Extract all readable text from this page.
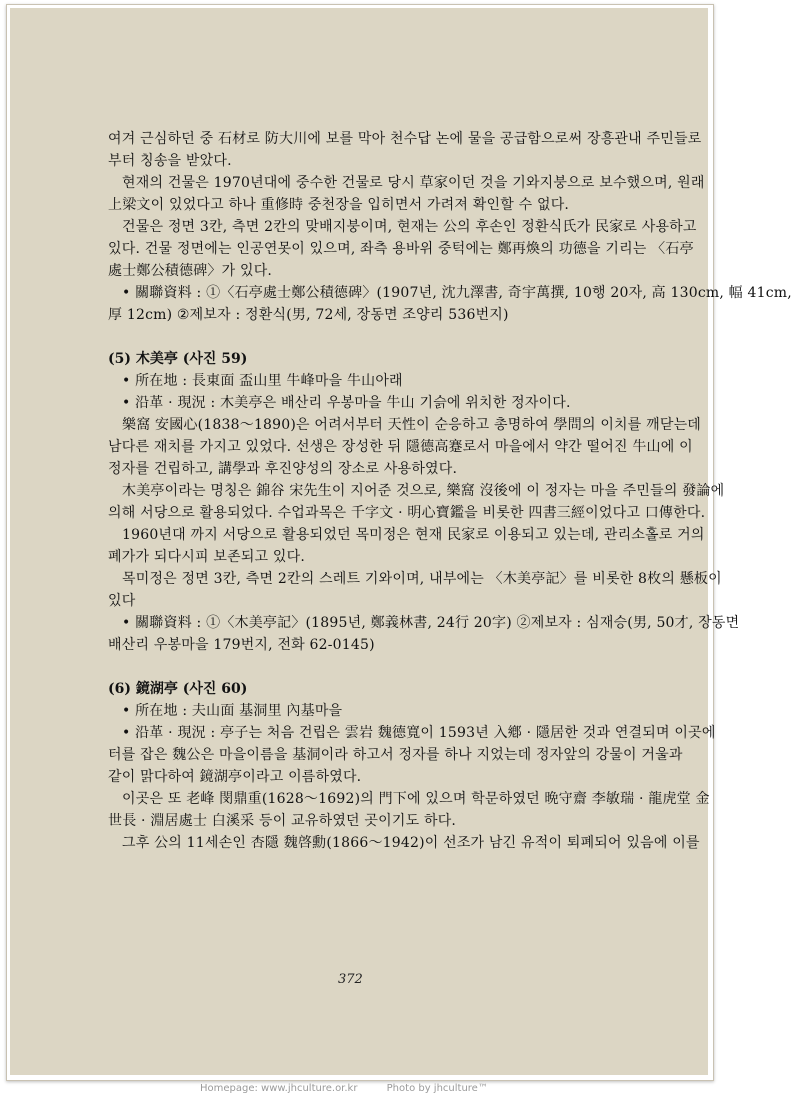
여겨 근심하던 중 石材로 防大川에 보를 막아 천수답 논에 물을 공급함으로써 장흥관내 주민들로
부터 칭송을 받았다.
현재의 건물은 1970년대에 중수한 건물로 당시 草家이던 것을 기와지붕으로 보수했으며, 원래
上梁文이 있었다고 하나 重修時 중천장을 입히면서 가려져 확인할 수 없다.
건물은 정면 3칸, 측면 2칸의 맞배지붕이며, 현재는 公의 후손인 정환식氏가 民家로 사용하고
있다. 건물 정면에는 인공연못이 있으며, 좌측 용바위 중턱에는 鄭再煥의 功德을 기리는 〈石亭
處士鄭公積德碑〉가 있다.
• 關聯資料 : ①〈石亭處士鄭公積德碑〉(1907년, 沈九澤書, 奇宇萬撰, 10행 20자, 高 130cm, 幅 41cm,
厚 12cm) ②제보자 : 정환식(男, 72세, 장동면 조양리 536번지)
(5) 木美亭 (사진 59)
• 所在地 : 長東面 盃山里 牛峰마을 牛山아래
• 沿革 · 現況 : 木美亭은 배산리 우봉마을 牛山 기슭에 위치한 정자이다.
樂窩 安國心(1838～1890)은 어려서부터 天性이 순응하고 총명하여 學問의 이치를 깨닫는데
남다른 재치를 가지고 있었다. 선생은 장성한 뒤 隱德高蹇로서 마을에서 약간 떨어진 牛山에 이
정자를 건립하고, 講學과 후진양성의 장소로 사용하였다.
木美亭이라는 명칭은 錦谷 宋先生이 지어준 것으로, 樂窩 沒後에 이 정자는 마을 주민들의 發論에
의해 서당으로 활용되었다. 수업과목은 千字文 · 明心寶鑑을 비롯한 四書三經이었다고 口傳한다.
1960년대 까지 서당으로 활용되었던 목미정은 현재 民家로 이용되고 있는데, 관리소홀로 거의
폐가가 되다시피 보존되고 있다.
목미정은 정면 3칸, 측면 2칸의 스레트 기와이며, 내부에는 〈木美亭記〉를 비롯한 8枚의 懸板이
있다
• 關聯資料 : ①〈木美亭記〉(1895년, 鄭義林書, 24行 20字) ②제보자 : 심재승(男, 50才, 장동면
배산리 우봉마을 179번지, 전화 62-0145)
(6) 鏡湖亭 (사진 60)
• 所在地 : 夫山面 基洞里 內基마을
• 沿革 · 現況 : 亭子는 처음 건립은 雲岩 魏德寬이 1593년 入鄕 · 隱居한 것과 연결되며 이곳에
터를 잡은 魏公은 마을이름을 基洞이라 하고서 정자를 하나 지었는데 정자앞의 강물이 거울과
같이 맑다하여 鏡湖亭이라고 이름하였다.
이곳은 또 老峰 閔鼎重(1628～1692)의 門下에 있으며 학문하였던 晩守齋 李敏瑞 · 龍虎堂 金
世長 · 淵居處士 白溪采 등이 교유하였던 곳이기도 하다.
그후 公의 11세손인 杏隱 魏啓勳(1866～1942)이 선조가 남긴 유적이 퇴폐되어 있음에 이를
372
Homepage: www.jhculture.or.kr	Photo by jhculture™
